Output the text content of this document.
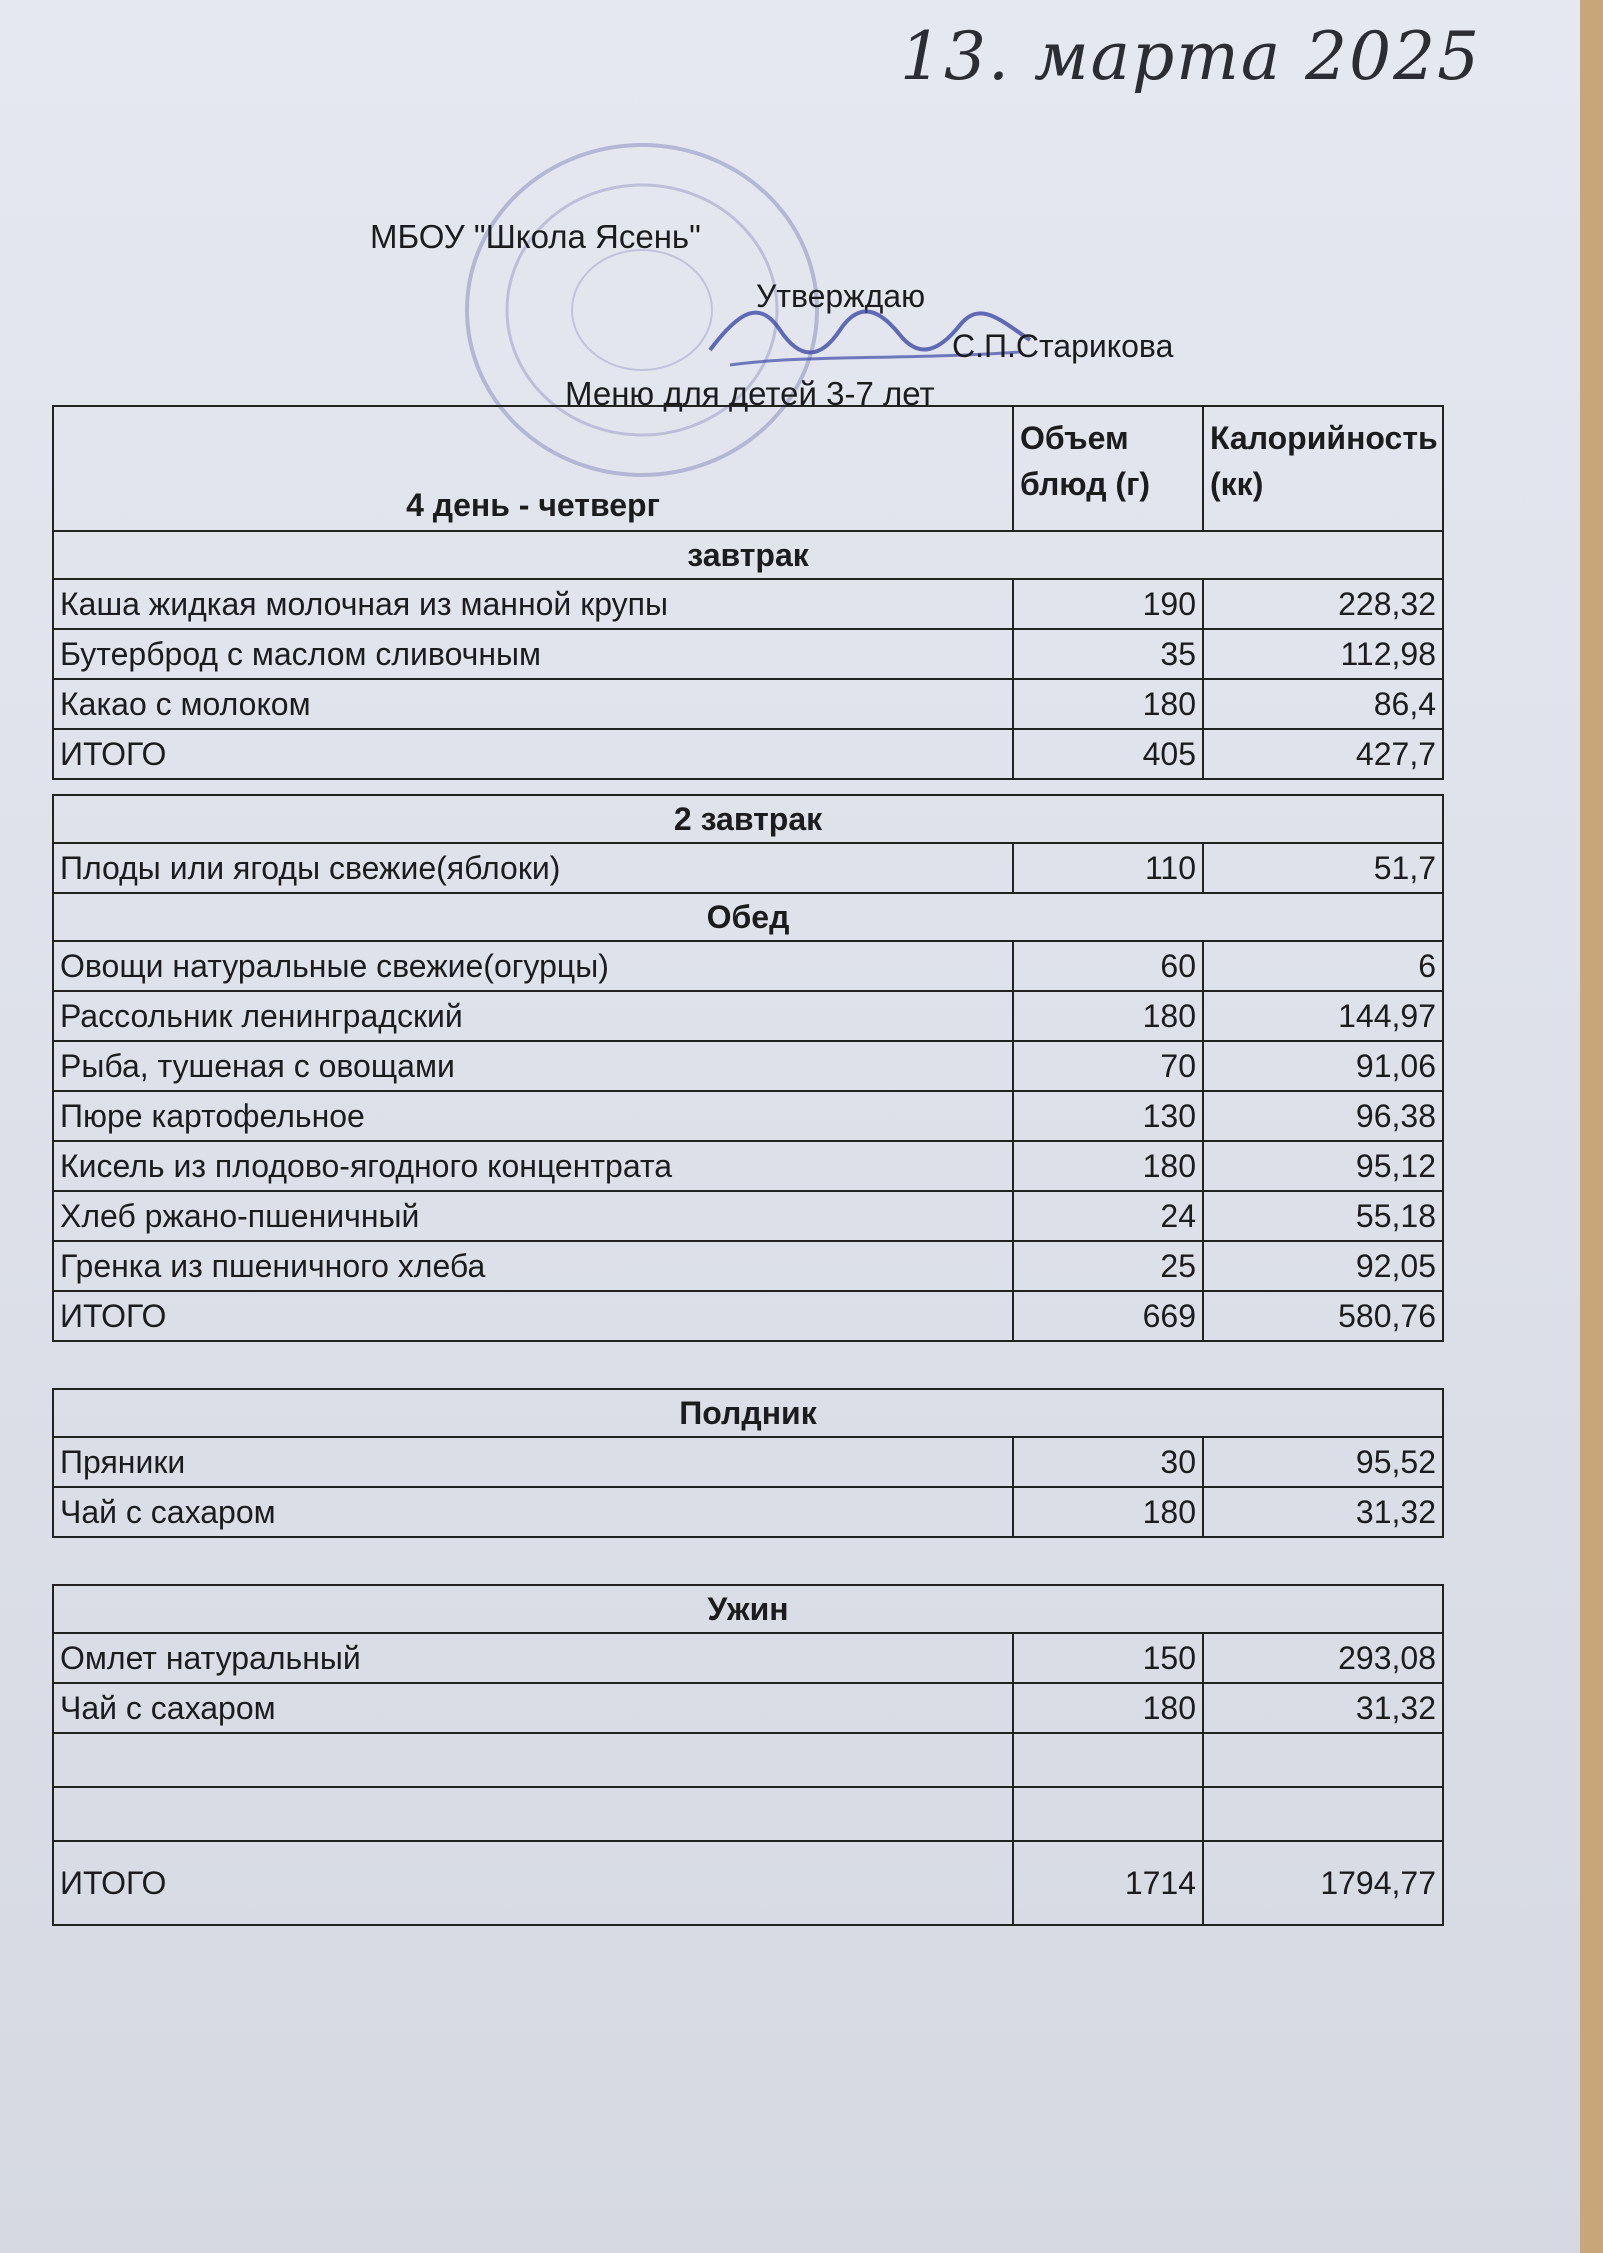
13. марта 2025
МБОУ "Школа Ясень"
Утверждаю
С.П.Старикова
Меню для детей 3-7 лет
4 день - четверг	Объем блюд (г)	Калорийность (кк)
завтрак		
Каша жидкая молочная из манной крупы	190	228,32
Бутерброд с маслом сливочным	35	112,98
Какао с молоком	180	86,4
ИТОГО	405	427,7

2 завтрак		
Плоды или ягоды свежие(яблоки)	110	51,7
Обед		
Овощи натуральные свежие(огурцы)	60	6
Рассольник ленинградский	180	144,97
Рыба, тушеная с овощами	70	91,06
Пюре картофельное	130	96,38
Кисель из плодово-ягодного концентрата	180	95,12
Хлеб ржано-пшеничный	24	55,18
Гренка из пшеничного хлеба	25	92,05
ИТОГО	669	580,76

Полдник		
Пряники	30	95,52
Чай с сахаром	180	31,32

Ужин		
Омлет натуральный	150	293,08
Чай с сахаром	180	31,32

ИТОГО	1714	1794,77
